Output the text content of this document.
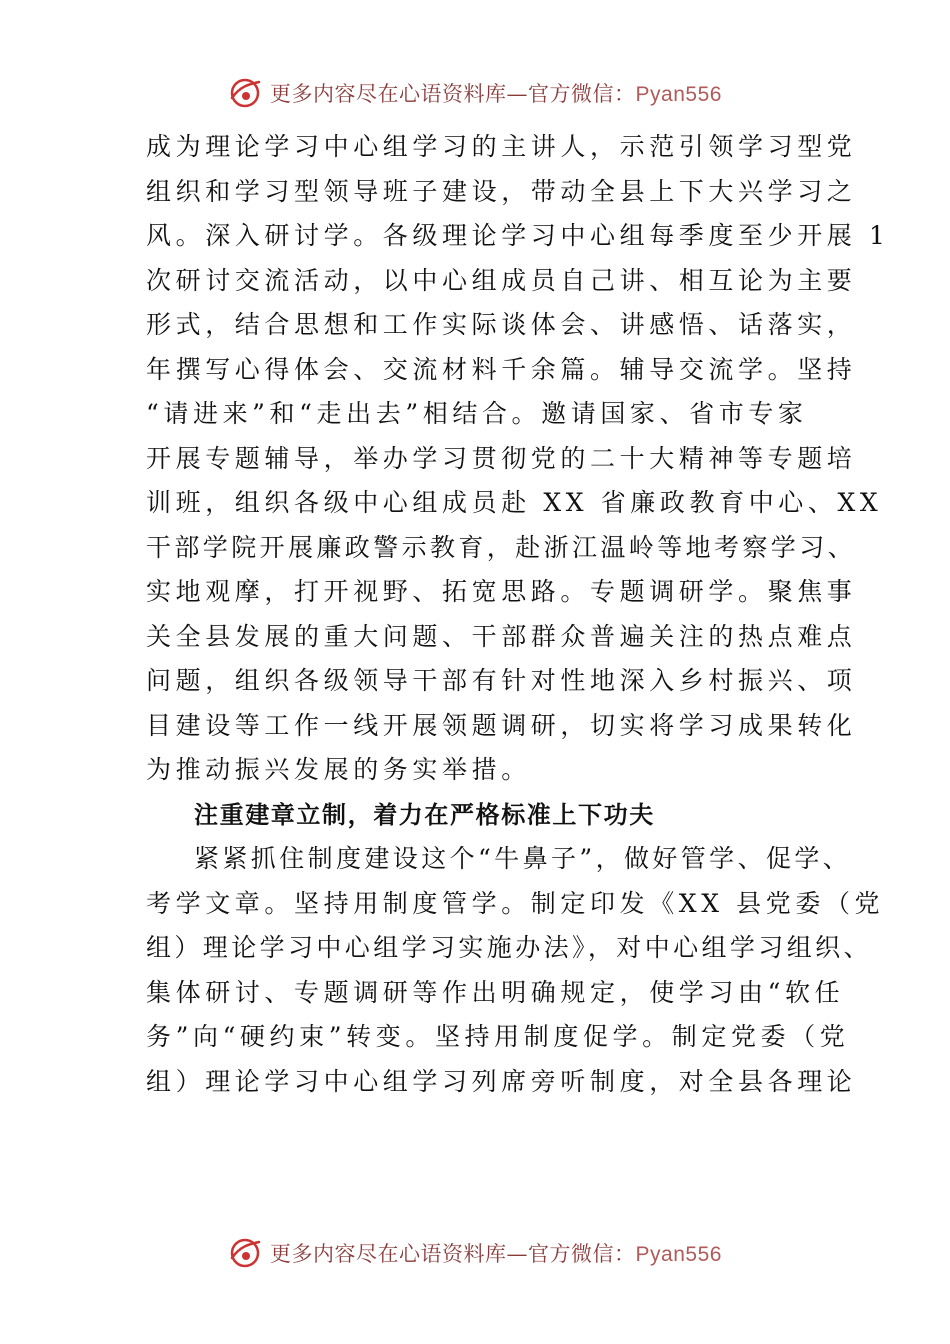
更多内容尽在心语资料库—官方微信：Pyan556
成为理论学习中心组学习的主讲人，示范引领学习型党
组织和学习型领导班子建设，带动全县上下大兴学习之
风。深入研讨学。各级理论学习中心组每季度至少开展 1
次研讨交流活动，以中心组成员自己讲、相互论为主要
形式，结合思想和工作实际谈体会、讲感悟、话落实，
年撰写心得体会、交流材料千余篇。辅导交流学。坚持
“请进来”和“走出去”相结合。邀请国家、省市专家
开展专题辅导，举办学习贯彻党的二十大精神等专题培
训班，组织各级中心组成员赴 XX 省廉政教育中心、XX
干部学院开展廉政警示教育，赴浙江温岭等地考察学习、
实地观摩，打开视野、拓宽思路。专题调研学。聚焦事
关全县发展的重大问题、干部群众普遍关注的热点难点
问题，组织各级领导干部有针对性地深入乡村振兴、项
目建设等工作一线开展领题调研，切实将学习成果转化
为推动振兴发展的务实举措。
注重建章立制，着力在严格标准上下功夫
紧紧抓住制度建设这个“牛鼻子”，做好管学、促学、
考学文章。坚持用制度管学。制定印发《XX 县党委（党
组）理论学习中心组学习实施办法》，对中心组学习组织、
集体研讨、专题调研等作出明确规定，使学习由“软任
务”向“硬约束”转变。坚持用制度促学。制定党委（党
组）理论学习中心组学习列席旁听制度，对全县各理论
更多内容尽在心语资料库—官方微信：Pyan556
